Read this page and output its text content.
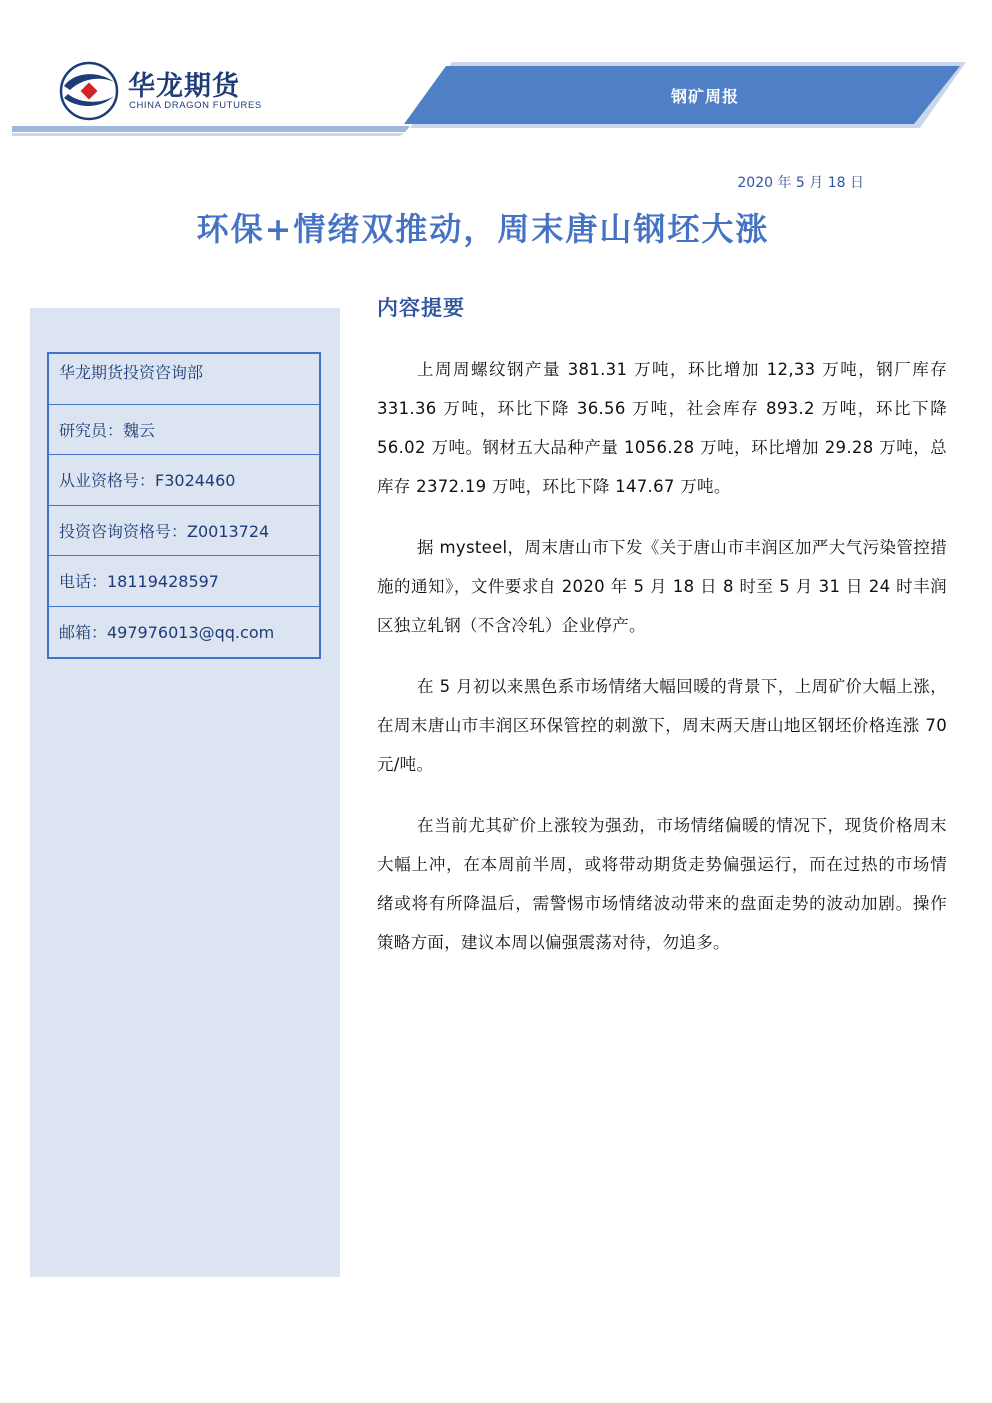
华龙期货
CHINA DRAGON FUTURES	钢矿周报
2020 年 5 月 18 日
环保+情绪双推动，周末唐山钢坯大涨
华龙期货投资咨询部
研究员：魏云
从业资格号：F3024460
投资咨询资格号：Z0013724
电话：18119428597
邮箱：497976013@qq.com
内容提要

上周周螺纹钢产量 381.31 万吨，环比增加 12,33 万吨，钢厂库存 331.36 万吨，环比下降 36.56 万吨，社会库存 893.2 万吨，环比下降 56.02 万吨。钢材五大品种产量 1056.28 万吨，环比增加 29.28 万吨，总库存 2372.19 万吨，环比下降 147.67 万吨。

据 mysteel，周末唐山市下发《关于唐山市丰润区加严大气污染管控措施的通知》，文件要求自 2020 年 5 月 18 日 8 时至 5 月 31 日 24 时丰润区独立轧钢（不含冷轧）企业停产。

在 5 月初以来黑色系市场情绪大幅回暖的背景下，上周矿价大幅上涨，在周末唐山市丰润区环保管控的刺激下，周末两天唐山地区钢坯价格连涨 70 元/吨。

在当前尤其矿价上涨较为强劲，市场情绪偏暖的情况下，现货价格周末大幅上冲，在本周前半周，或将带动期货走势偏强运行，而在过热的市场情绪或将有所降温后，需警惕市场情绪波动带来的盘面走势的波动加剧。操作策略方面，建议本周以偏强震荡对待，勿追多。
